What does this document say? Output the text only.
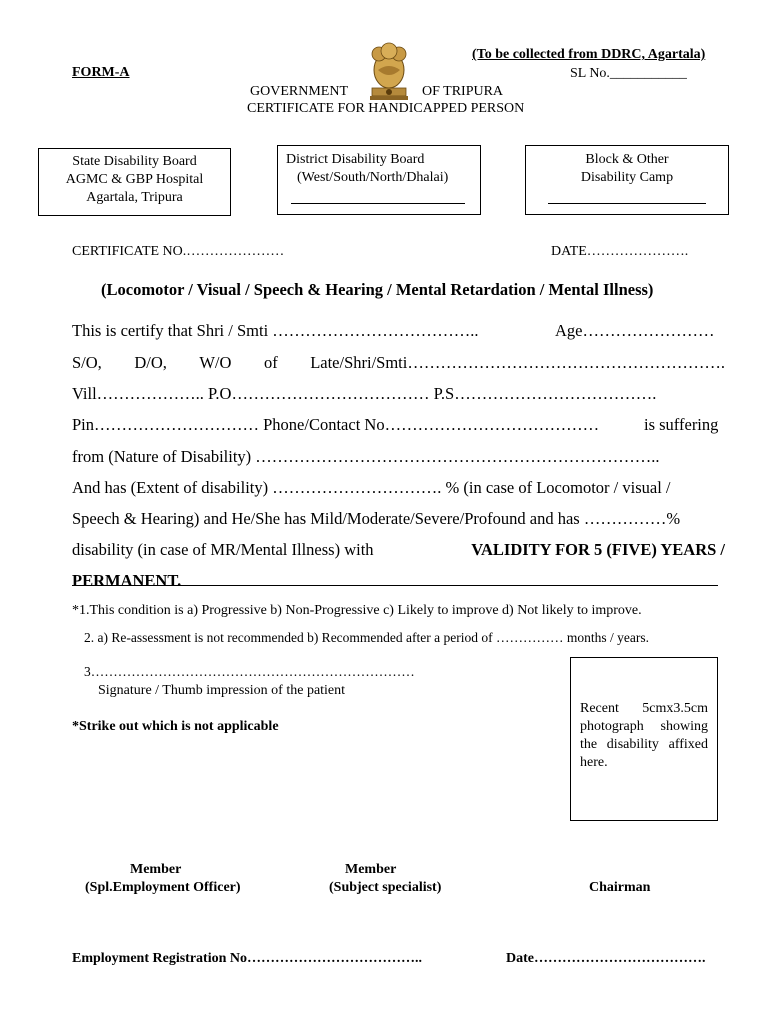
(To be collected from DDRC, Agartala)
SL No.___________
FORM-A
GOVERNMENT	OF TRIPURA
CERTIFICATE FOR HANDICAPPED PERSON
State Disability Board
AGMC & GBP Hospital
Agartala, Tripura
District Disability Board
(West/South/North/Dhalai)
Block & Other
Disability Camp
CERTIFICATE NO.…………………	DATE………………….
(Locomotor / Visual / Speech & Hearing / Mental Retardation / Mental Illness)
This is certify that Shri / Smti ………………………………..	Age……………………
S/O, D/O, W/O of Late/Shri/Smti………………………………………………….
Vill……………….. P.O……………………………… P.S……………………………….
Pin………………………… Phone/Contact No…………………………………	is suffering
from (Nature of Disability) ………………………………………………………………..
And has (Extent of disability) …………………………. % (in case of Locomotor / visual /
Speech & Hearing) and He/She has Mild/Moderate/Severe/Profound and has ……………%
disability (in case of MR/Mental Illness) with	VALIDITY FOR 5 (FIVE) YEARS /
PERMANENT.
*1.This condition is a) Progressive b) Non-Progressive c) Likely to improve d) Not likely to improve.
2. a) Re-assessment is not recommended b) Recommended after a period of …………… months / years.
3………………………………………………………………
Signature / Thumb impression of the patient
*Strike out which is not applicable
Recent 5cmx3.5cm photograph showing the disability affixed here.
Member
(Spl.Employment Officer)
Member
(Subject specialist)	Chairman
Employment Registration No………………………………..	Date……………………………….
